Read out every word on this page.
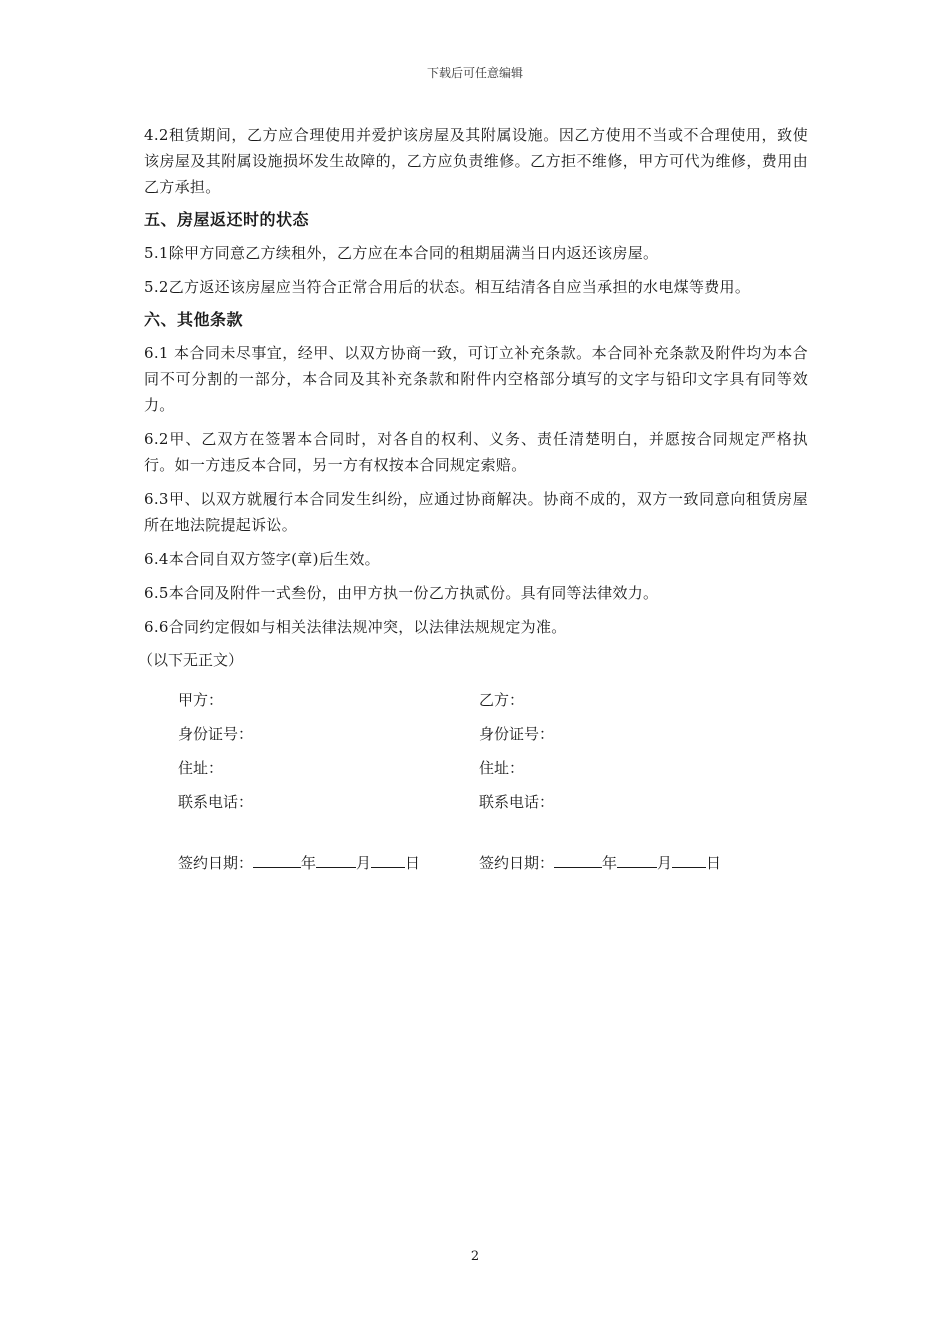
下载后可任意编辑

4.2租赁期间，乙方应合理使用并爱护该房屋及其附属设施。因乙方使用不当或不合理使用，致使该房屋及其附属设施损坏发生故障的，乙方应负责维修。乙方拒不维修，甲方可代为维修，费用由乙方承担。

五、房屋返还时的状态

5.1除甲方同意乙方续租外，乙方应在本合同的租期届满当日内返还该房屋。

5.2乙方返还该房屋应当符合正常合用后的状态。相互结清各自应当承担的水电煤等费用。

六、其他条款

6.1 本合同未尽事宜，经甲、以双方协商一致，可订立补充条款。本合同补充条款及附件均为本合同不可分割的一部分，本合同及其补充条款和附件内空格部分填写的文字与铅印文字具有同等效力。

6.2甲、乙双方在签署本合同时，对各自的权利、义务、责任清楚明白，并愿按合同规定严格执行。如一方违反本合同，另一方有权按本合同规定索赔。

6.3甲、以双方就履行本合同发生纠纷，应通过协商解决。协商不成的，双方一致同意向租赁房屋所在地法院提起诉讼。

6.4本合同自双方签字(章)后生效。

6.5本合同及附件一式叁份，由甲方执一份乙方执贰份。具有同等法律效力。

6.6合同约定假如与相关法律法规冲突，以法律法规规定为准。

（以下无正文）
甲方：	乙方：
身份证号：	身份证号：
住址：	住址：
联系电话：	联系电话：
签约日期：	年	月 日	签约日期：	年	月 日
2
